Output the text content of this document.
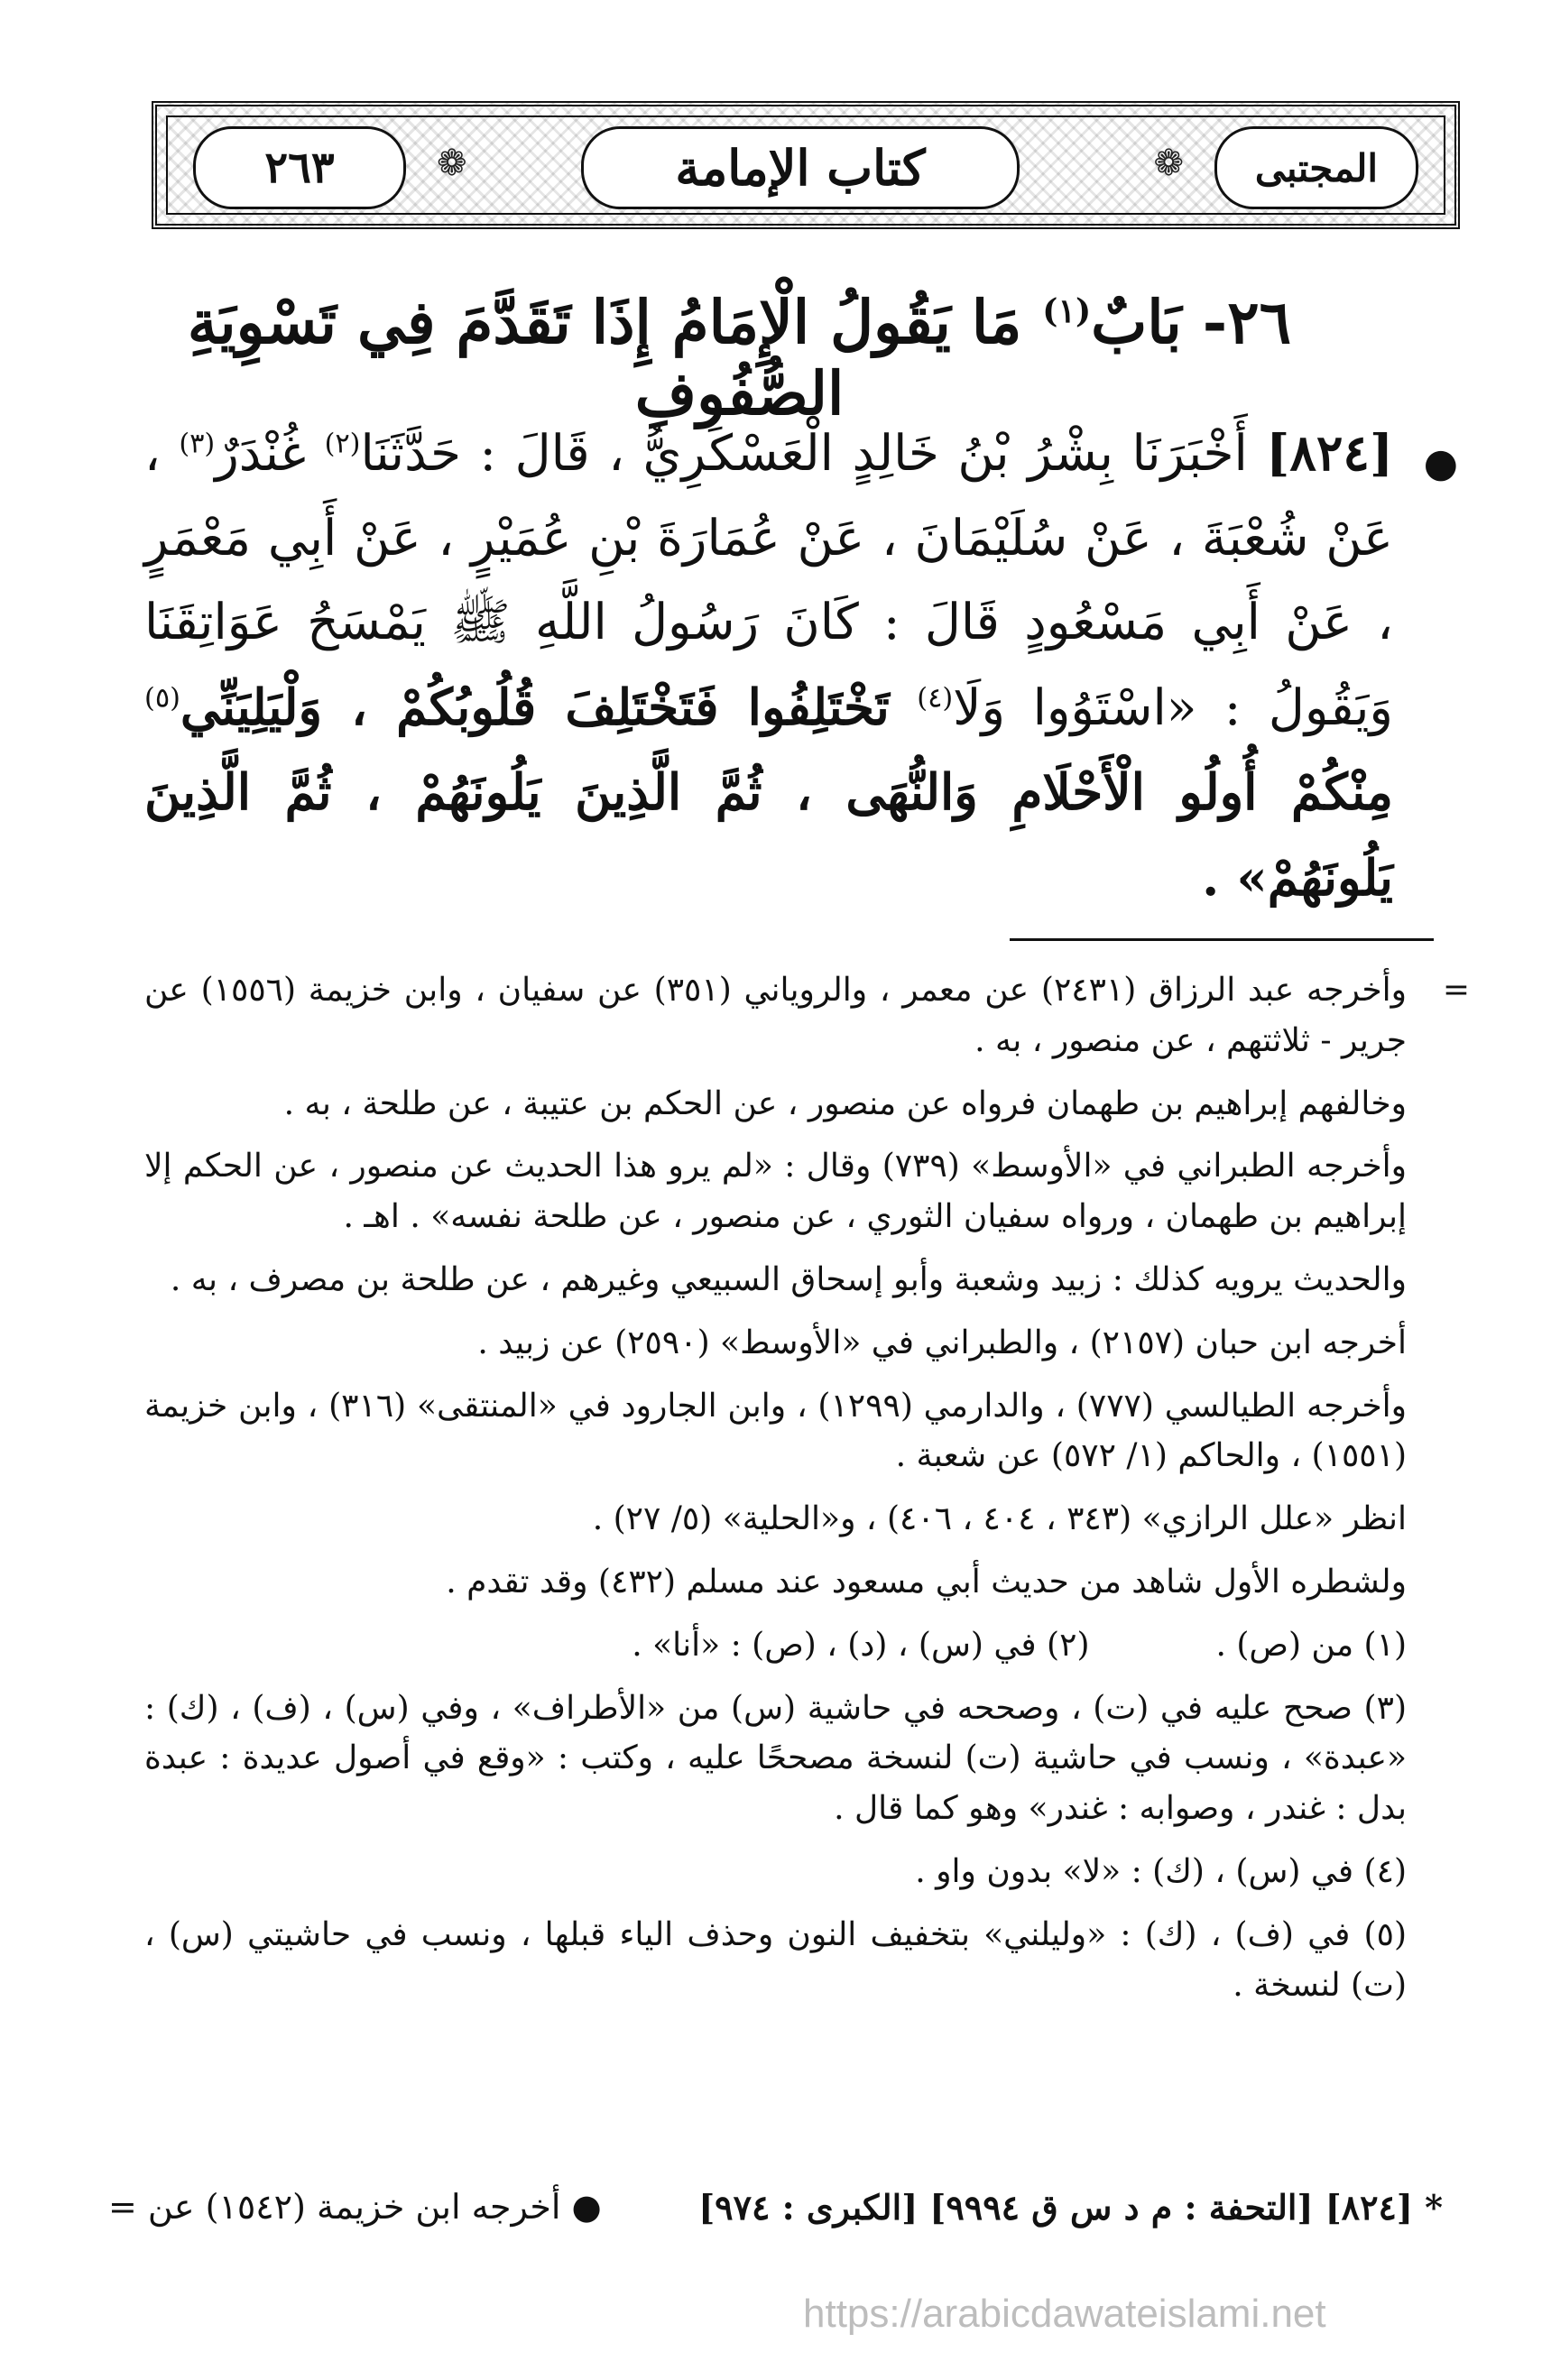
المجتبى
❁
كتاب الإمامة
❁
٢٦٣
٢٦- بَابٌ$^{(١)}$ مَا يَقُولُ الْإِمَامُ إِذَا تَقَدَّمَ فِي تَسْوِيَةِ الصُّفُوفِ
●
[٨٢٤] أَخْبَرَنَا بِشْرُ بْنُ خَالِدٍ الْعَسْكَرِيُّ ، قَالَ : حَدَّثَنَا$^{(٢)}$ غُنْدَرٌ$^{(٣)}$ ، عَنْ شُعْبَةَ ، عَنْ سُلَيْمَانَ ، عَنْ عُمَارَةَ بْنِ عُمَيْرٍ ، عَنْ أَبِي مَعْمَرٍ ، عَنْ أَبِي مَسْعُودٍ قَالَ : كَانَ رَسُولُ اللَّهِ ﷺ يَمْسَحُ عَوَاتِقَنَا وَيَقُولُ : «اسْتَوُوا وَلَا$^{(٤)}$ تَخْتَلِفُوا فَتَخْتَلِفَ قُلُوبُكُمْ ، وَلْيَلِيَنِّي$^{(٥)}$ مِنْكُمْ أُولُو الْأَحْلَامِ وَالنُّهَى ، ثُمَّ الَّذِينَ يَلُونَهُمْ ، ثُمَّ الَّذِينَ يَلُونَهُمْ» .

=
وأخرجه عبد الرزاق (٢٤٣١) عن معمر ، والروياني (٣٥١) عن سفيان ، وابن خزيمة (١٥٥٦) عن جرير - ثلاثتهم ، عن منصور ، به .

وخالفهم إبراهيم بن طهمان فرواه عن منصور ، عن الحكم بن عتيبة ، عن طلحة ، به .

وأخرجه الطبراني في «الأوسط» (٧٣٩) وقال : «لم يرو هذا الحديث عن منصور ، عن الحكم إلا إبراهيم بن طهمان ، ورواه سفيان الثوري ، عن منصور ، عن طلحة نفسه» . اهـ .

والحديث يرويه كذلك : زبيد وشعبة وأبو إسحاق السبيعي وغيرهم ، عن طلحة بن مصرف ، به .

أخرجه ابن حبان (٢١٥٧) ، والطبراني في «الأوسط» (٢٥٩٠) عن زبيد .

وأخرجه الطيالسي (٧٧٧) ، والدارمي (١٢٩٩) ، وابن الجارود في «المنتقى» (٣١٦) ، وابن خزيمة (١٥٥١) ، والحاكم (١/ ٥٧٢) عن شعبة .

انظر «علل الرازي» (٣٤٣ ، ٤٠٤ ، ٤٠٦) ، و«الحلية» (٥/ ٢٧) .

ولشطره الأول شاهد من حديث أبي مسعود عند مسلم (٤٣٢) وقد تقدم .

(١) من (ص) .
(٢) في (س) ، (د) ، (ص) : «أنا» .

(٣) صحح عليه في (ت) ، وصححه في حاشية (س) من «الأطراف» ، وفي (س) ، (ف) ، (ك) : «عبدة» ، ونسب في حاشية (ت) لنسخة مصححًا عليه ، وكتب : «وقع في أصول عديدة : عبدة بدل : غندر ، وصوابه : غندر» وهو كما قال .

(٤) في (س) ، (ك) : «لا» بدون واو .

(٥) في (ف) ، (ك) : «وليلني» بتخفيف النون وحذف الياء قبلها ، ونسب في حاشيتي (س) ، (ت) لنسخة .

* [٨٢٤] [التحفة : م د س ق ٩٩٩٤] [الكبرى : ٩٧٤]
● أخرجه ابن خزيمة (١٥٤٢) عن =
https://arabicdawateislami.net
